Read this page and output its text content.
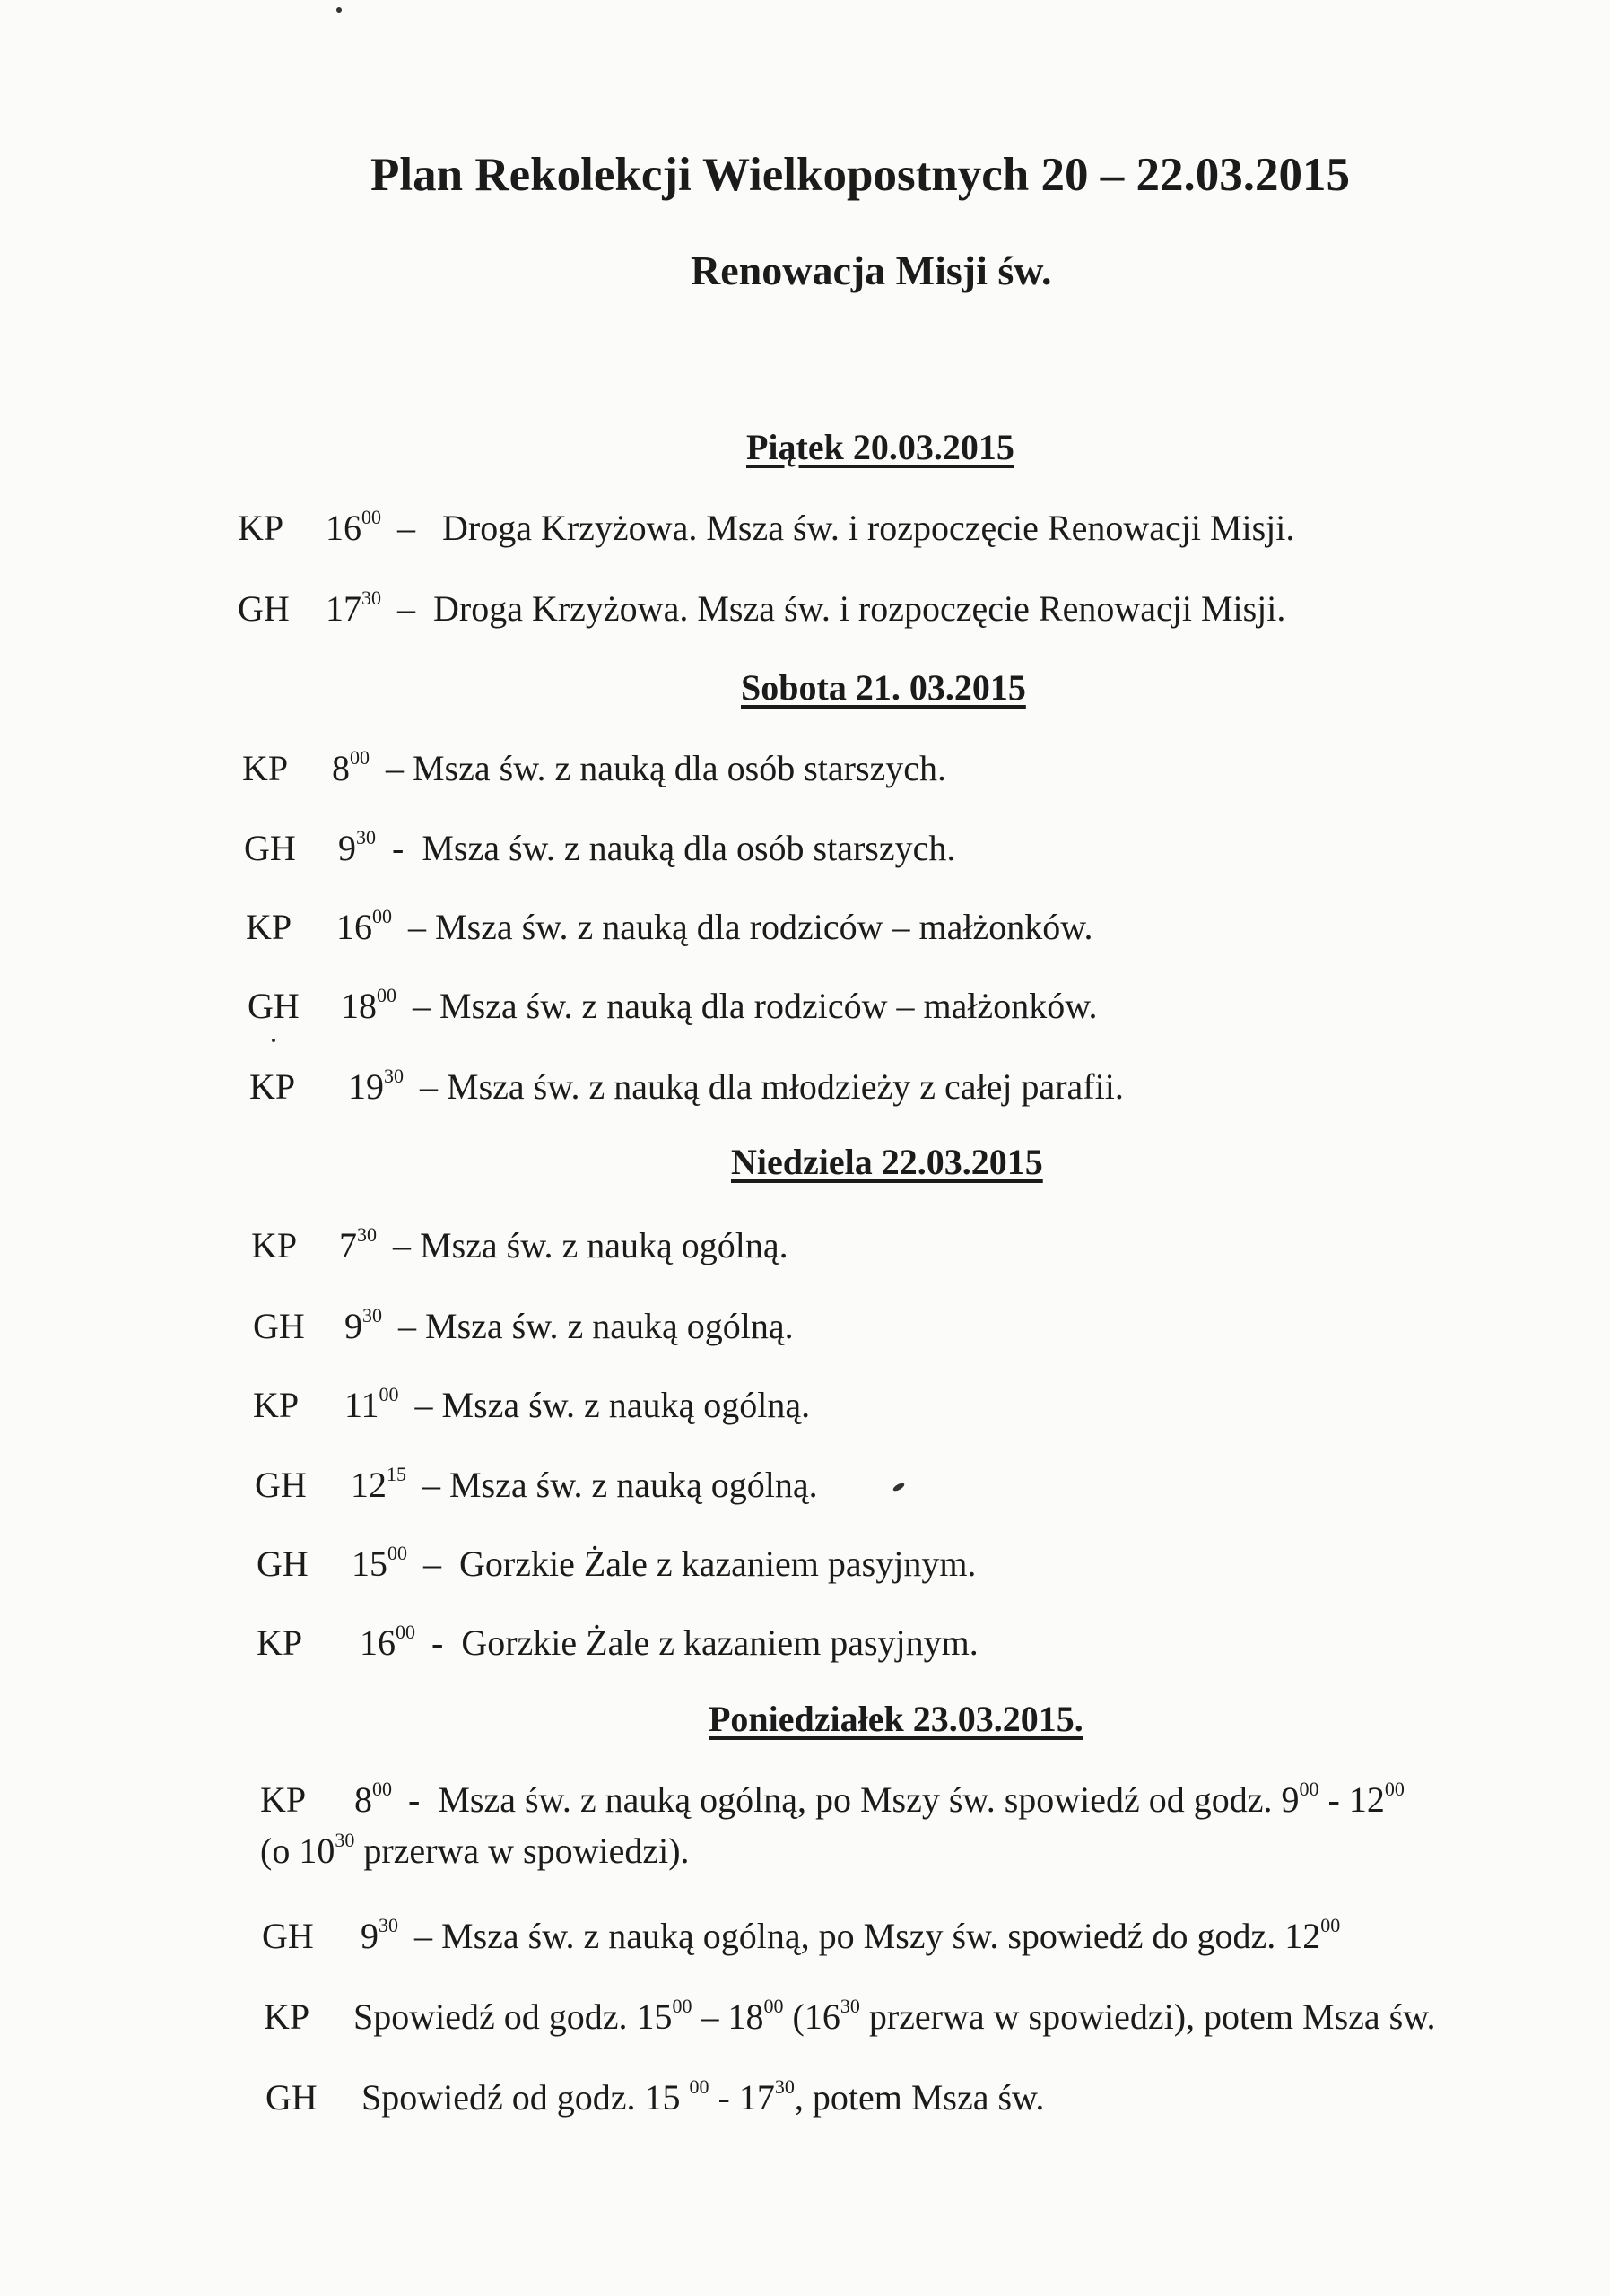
Plan Rekolekcji Wielkopostnych 20 – 22.03.2015
Renowacja Misji św.
Piątek 20.03.2015
KP $16^{00}$ – Droga Krzyżowa. Msza św. i rozpoczęcie Renowacji Misji.
GH $17^{30}$ – Droga Krzyżowa. Msza św. i rozpoczęcie Renowacji Misji.
Sobota 21. 03.2015
KP $8^{00}$ – Msza św. z nauką dla osób starszych.
GH $9^{30}$ - Msza św. z nauką dla osób starszych.
KP $16^{00}$ – Msza św. z nauką dla rodziców – małżonków.
GH $18^{00}$ – Msza św. z nauką dla rodziców – małżonków.
KP $19^{30}$ – Msza św. z nauką dla młodzieży z całej parafii.
Niedziela 22.03.2015
KP $7^{30}$ – Msza św. z nauką ogólną.
GH $9^{30}$ – Msza św. z nauką ogólną.
KP $11^{00}$ – Msza św. z nauką ogólną.
GH $12^{15}$ – Msza św. z nauką ogólną.
GH $15^{00}$ – Gorzkie Żale z kazaniem pasyjnym.
KP $16^{00}$ - Gorzkie Żale z kazaniem pasyjnym.
Poniedziałek 23.03.2015.
KP $8^{00}$ - Msza św. z nauką ogólną, po Mszy św. spowiedź od godz. $9^{00} - 12^{00}$
(o $10^{30}$ przerwa w spowiedzi).
GH $9^{30}$ – Msza św. z nauką ogólną, po Mszy św. spowiedź do godz. $12^{00}$
KP Spowiedź od godz. $15^{00} - 18^{00}$ ($16^{30}$ przerwa w spowiedzi), potem Msza św.
GH Spowiedź od godz. 15 $^{00} - 17^{30}$, potem Msza św.
